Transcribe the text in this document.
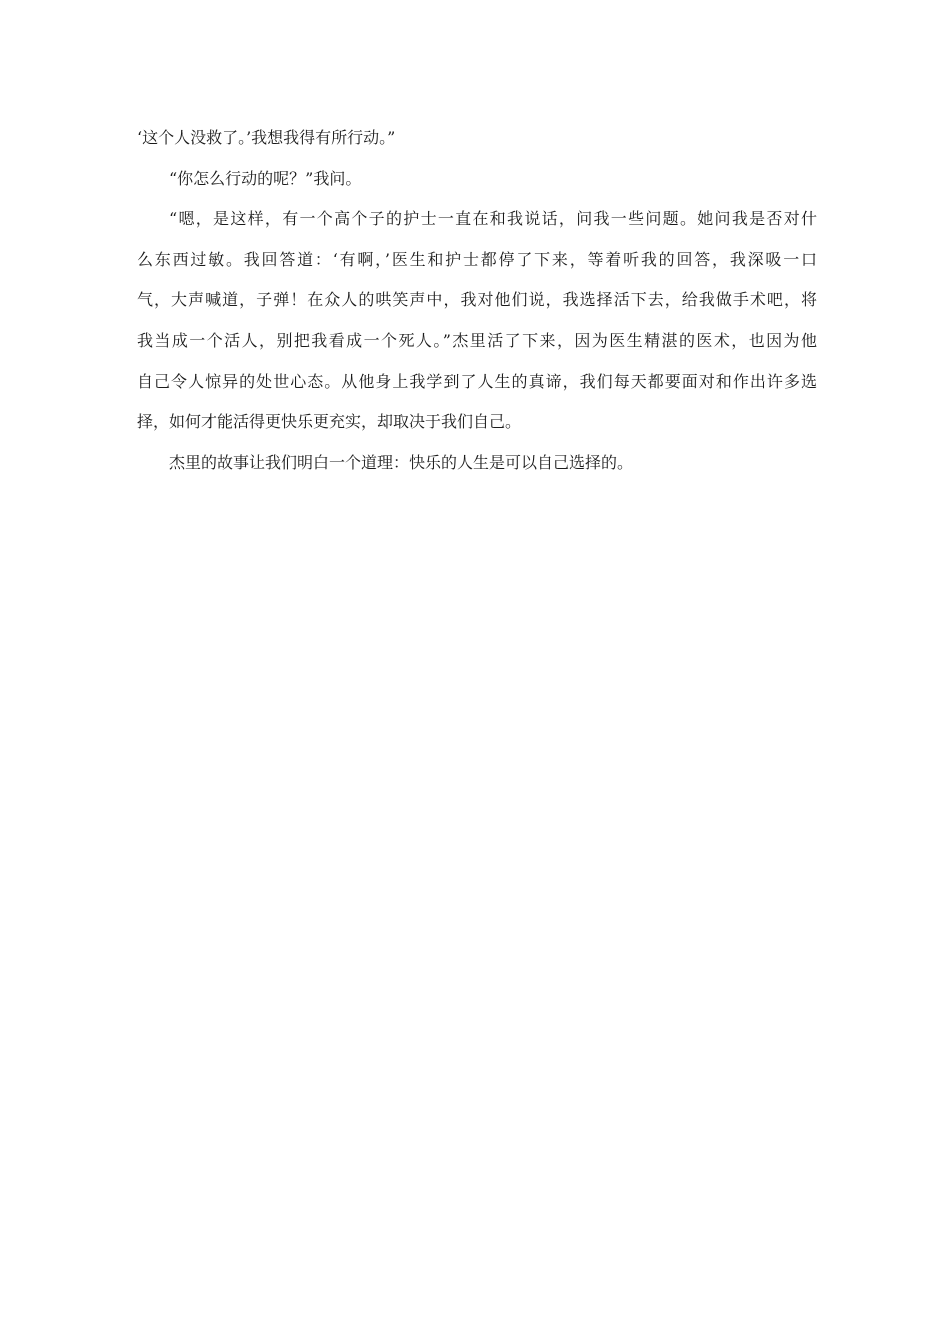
‘这个人没救了。’我想我得有所行动。”

“你怎么行动的呢？”我问。

“嗯，是这样，有一个高个子的护士一直在和我说话，问我一些问题。她问我是否对什
么东西过敏。我回答道：‘有啊，’医生和护士都停了下来，等着听我的回答，我深吸一口
气，大声喊道，子弹！在众人的哄笑声中，我对他们说，我选择活下去，给我做手术吧，将
我当成一个活人，别把我看成一个死人。”杰里活了下来，因为医生精湛的医术，也因为他
自己令人惊异的处世心态。从他身上我学到了人生的真谛，我们每天都要面对和作出许多选
择，如何才能活得更快乐更充实，却取决于我们自己。

杰里的故事让我们明白一个道理：快乐的人生是可以自己选择的。
